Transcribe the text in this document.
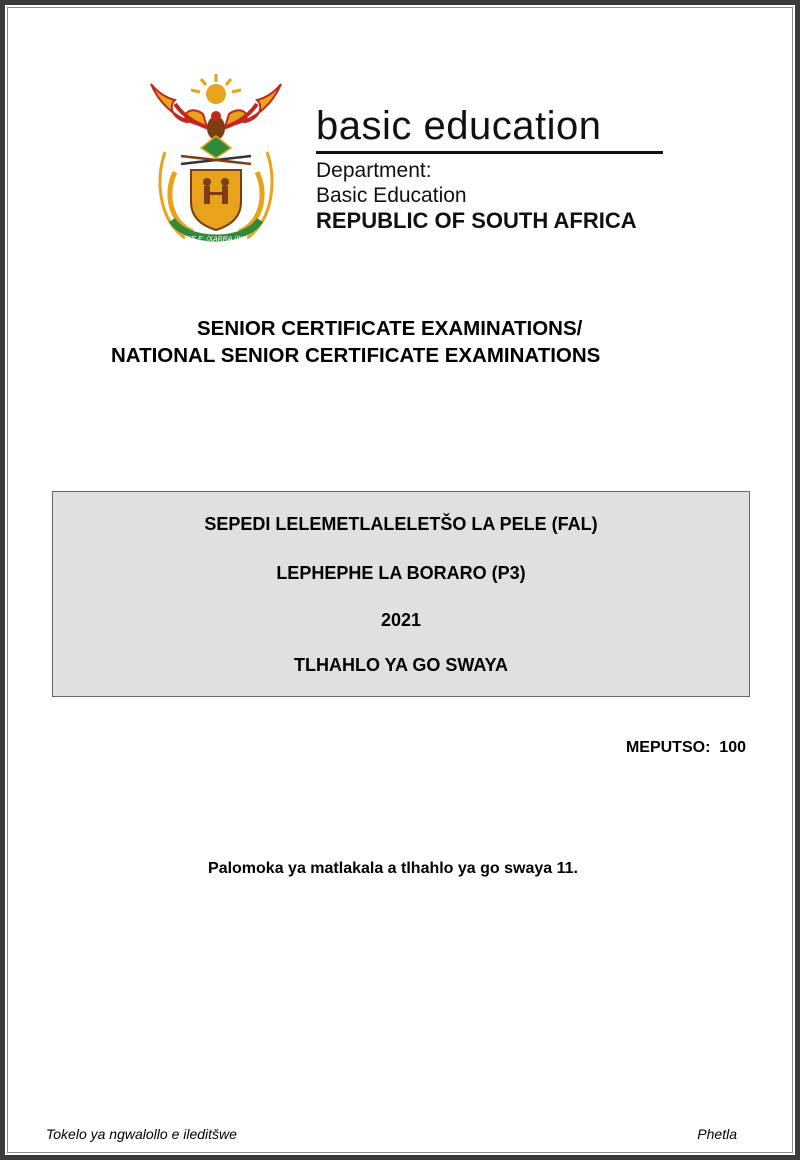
!KE E: /XARRA //KE
basic education
Department:
Basic Education
REPUBLIC OF SOUTH AFRICA
SENIOR CERTIFICATE EXAMINATIONS/
NATIONAL SENIOR CERTIFICATE EXAMINATIONS
SEPEDI LELEMETLALELETŠO LA PELE (FAL)
LEPHEPHE LA BORARO (P3)
2021
TLHAHLO YA GO SWAYA
MEPUTSO: 100
Palomoka ya matlakala a tlhahlo ya go swaya 11.
Tokelo ya ngwalollo e ileditšwe	Phetla
